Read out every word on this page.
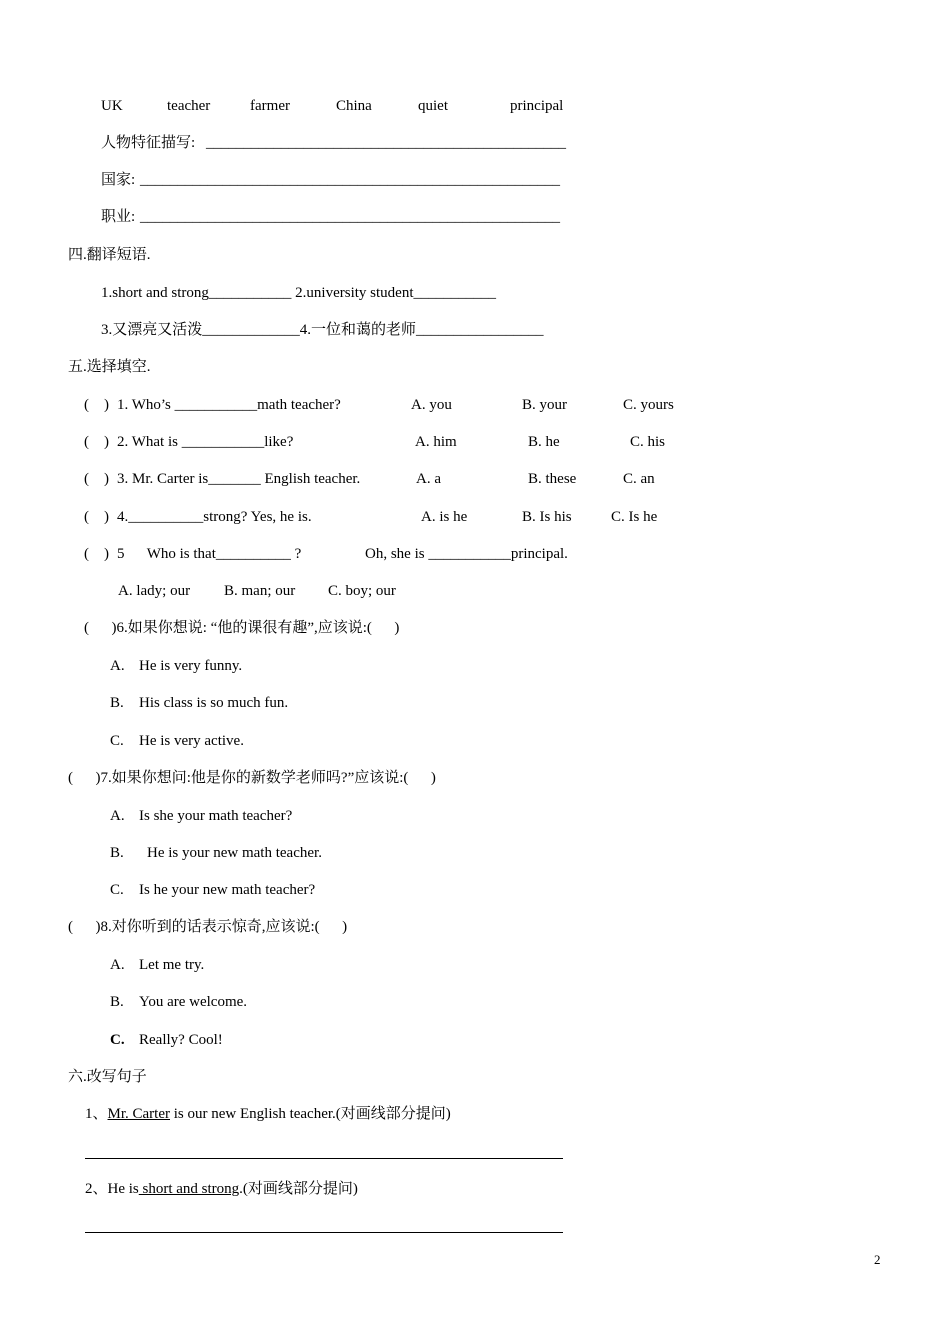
UK	teacher	farmer	China	quiet	principal
人物特征描写: ________________________________________________
国家: ________________________________________________________
职业: ________________________________________________________
四.翻译短语.
1.short and strong___________ 2.university student___________
3.又漂亮又活泼_____________4.一位和蔼的老师_________________
五.选择填空.
(    ) 1. Who’s ___________math teacher?	A. you	B. your	C. yours
(    ) 2. What is ___________like?	A. him	B. he	C. his
(    ) 3. Mr. Carter is_______ English teacher.	A. a	B. these	C. an
(    ) 4.__________strong? Yes, he is.	A. is he	B. Is his	C. Is he
(    ) 5      Who is that__________ ?	Oh, she is ___________principal.
A. lady; our B. man; our C. boy; our
(      )6.如果你想说: “他的课很有趣”,应该说:(      )
A. He is very funny.
B. His class is so much fun.
C. He is very active.
(      )7.如果你想问:他是你的新数学老师吗?”应该说:(      )
A. Is she your math teacher?
B. He is your new math teacher.
C. Is he your new math teacher?
(      )8.对你听到的话表示惊奇,应该说:(      )
A. Let me try.
B. You are welcome.
C. Really? Cool!
六.改写句子
1、Mr. Carter is our new English teacher.(对画线部分提问)
2、He is short and strong.(对画线部分提问)
2
